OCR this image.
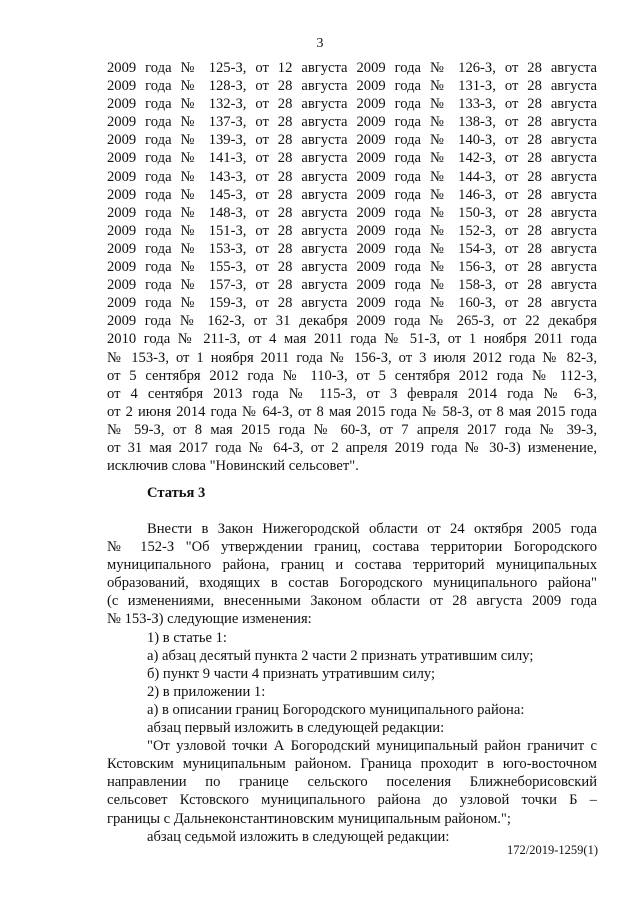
3
2009 года № 125-З, от 12 августа 2009 года № 126-З, от 28 августа
2009 года № 128-З, от 28 августа 2009 года № 131-З, от 28 августа
2009 года № 132-З, от 28 августа 2009 года № 133-З, от 28 августа
2009 года № 137-З, от 28 августа 2009 года № 138-З, от 28 августа
2009 года № 139-З, от 28 августа 2009 года № 140-З, от 28 августа
2009 года № 141-З, от 28 августа 2009 года № 142-З, от 28 августа
2009 года № 143-З, от 28 августа 2009 года № 144-З, от 28 августа
2009 года № 145-З, от 28 августа 2009 года № 146-З, от 28 августа
2009 года № 148-З, от 28 августа 2009 года № 150-З, от 28 августа
2009 года № 151-З, от 28 августа 2009 года № 152-З, от 28 августа
2009 года № 153-З, от 28 августа 2009 года № 154-З, от 28 августа
2009 года № 155-З, от 28 августа 2009 года № 156-З, от 28 августа
2009 года № 157-З, от 28 августа 2009 года № 158-З, от 28 августа
2009 года № 159-З, от 28 августа 2009 года № 160-З, от 28 августа
2009 года № 162-З, от 31 декабря 2009 года № 265-З, от 22 декабря
2010 года № 211-З, от 4 мая 2011 года № 51-З, от 1 ноября 2011 года
№ 153-З, от 1 ноября 2011 года № 156-З, от 3 июля 2012 года № 82-З,
от 5 сентября 2012 года № 110-З, от 5 сентября 2012 года № 112-З,
от 4 сентября 2013 года № 115-З, от 3 февраля 2014 года № 6-З,
от 2 июня 2014 года № 64-З, от 8 мая 2015 года № 58-З, от 8 мая 2015 года
№ 59-З, от 8 мая 2015 года № 60-З, от 7 апреля 2017 года № 39-З,
от 31 мая 2017 года № 64-З, от 2 апреля 2019 года № 30-З) изменение,
исключив слова "Новинский сельсовет".
Статья 3
Внести в Закон Нижегородской области от 24 октября 2005 года
№ 152-З "Об утверждении границ, состава территории Богородского
муниципального района, границ и состава территорий муниципальных
образований, входящих в состав Богородского муниципального района"
(с изменениями, внесенными Законом области от 28 августа 2009 года
№ 153-З) следующие изменения:
1) в статье 1:
а) абзац десятый пункта 2 части 2 признать утратившим силу;
б) пункт 9 части 4 признать утратившим силу;
2) в приложении 1:
а) в описании границ Богородского муниципального района:
абзац первый изложить в следующей редакции:
"От узловой точки А Богородский муниципальный район граничит с
Кстовским муниципальным районом. Граница проходит в юго-восточном
направлении по границе сельского поселения Ближнеборисовский
сельсовет Кстовского муниципального района до узловой точки Б –
границы с Дальнеконстантиновским муниципальным районом.";
абзац седьмой изложить в следующей редакции:
172/2019-1259(1)
